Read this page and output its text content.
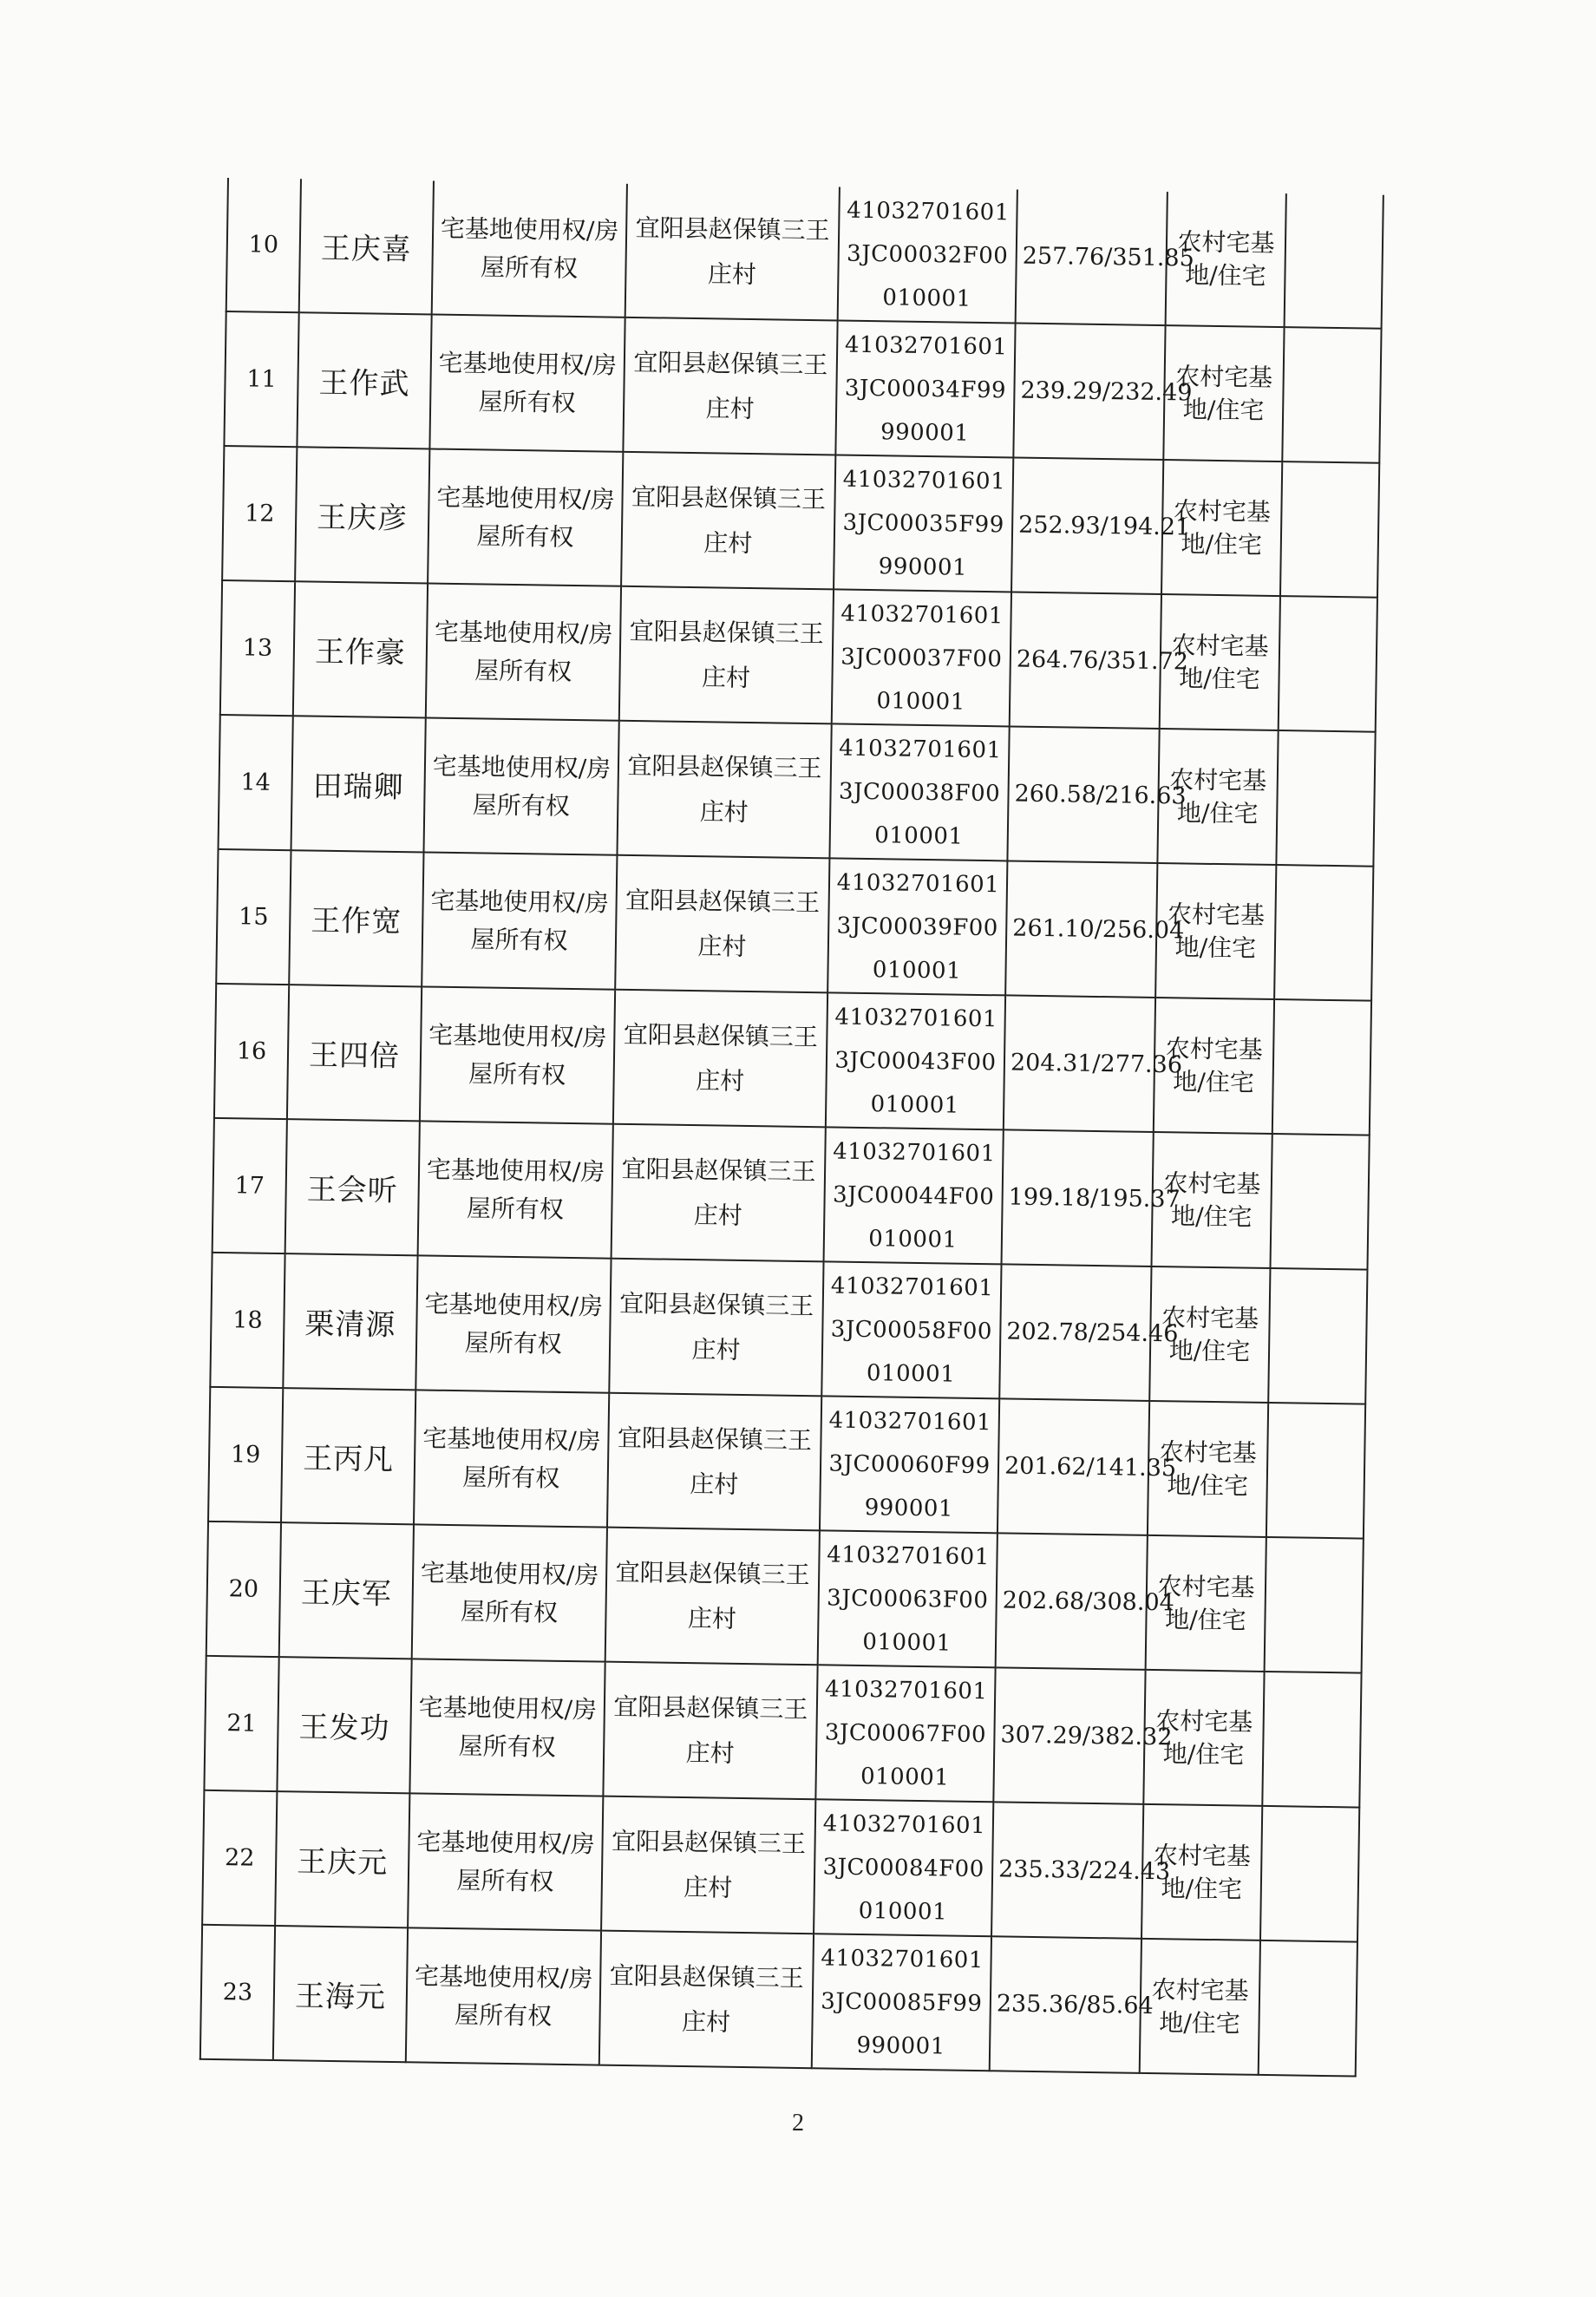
10	王庆喜	宅基地使用权/房屋所有权	宜阳县赵保镇三王庄村	410327016013JC00032F00010001	257.76/351.85	农村宅基地/住宅	
11	王作武	宅基地使用权/房屋所有权	宜阳县赵保镇三王庄村	410327016013JC00034F99990001	239.29/232.49	农村宅基地/住宅	
12	王庆彦	宅基地使用权/房屋所有权	宜阳县赵保镇三王庄村	410327016013JC00035F99990001	252.93/194.21	农村宅基地/住宅	
13	王作豪	宅基地使用权/房屋所有权	宜阳县赵保镇三王庄村	410327016013JC00037F00010001	264.76/351.72	农村宅基地/住宅	
14	田瑞卿	宅基地使用权/房屋所有权	宜阳县赵保镇三王庄村	410327016013JC00038F00010001	260.58/216.63	农村宅基地/住宅	
15	王作宽	宅基地使用权/房屋所有权	宜阳县赵保镇三王庄村	410327016013JC00039F00010001	261.10/256.04	农村宅基地/住宅	
16	王四倍	宅基地使用权/房屋所有权	宜阳县赵保镇三王庄村	410327016013JC00043F00010001	204.31/277.36	农村宅基地/住宅	
17	王会听	宅基地使用权/房屋所有权	宜阳县赵保镇三王庄村	410327016013JC00044F00010001	199.18/195.37	农村宅基地/住宅	
18	栗清源	宅基地使用权/房屋所有权	宜阳县赵保镇三王庄村	410327016013JC00058F00010001	202.78/254.46	农村宅基地/住宅	
19	王丙凡	宅基地使用权/房屋所有权	宜阳县赵保镇三王庄村	410327016013JC00060F99990001	201.62/141.35	农村宅基地/住宅	
20	王庆军	宅基地使用权/房屋所有权	宜阳县赵保镇三王庄村	410327016013JC00063F00010001	202.68/308.04	农村宅基地/住宅	
21	王发功	宅基地使用权/房屋所有权	宜阳县赵保镇三王庄村	410327016013JC00067F00010001	307.29/382.32	农村宅基地/住宅	
22	王庆元	宅基地使用权/房屋所有权	宜阳县赵保镇三王庄村	410327016013JC00084F00010001	235.33/224.43	农村宅基地/住宅	
23	王海元	宅基地使用权/房屋所有权	宜阳县赵保镇三王庄村	410327016013JC00085F99990001	235.36/85.64	农村宅基地/住宅	
2
